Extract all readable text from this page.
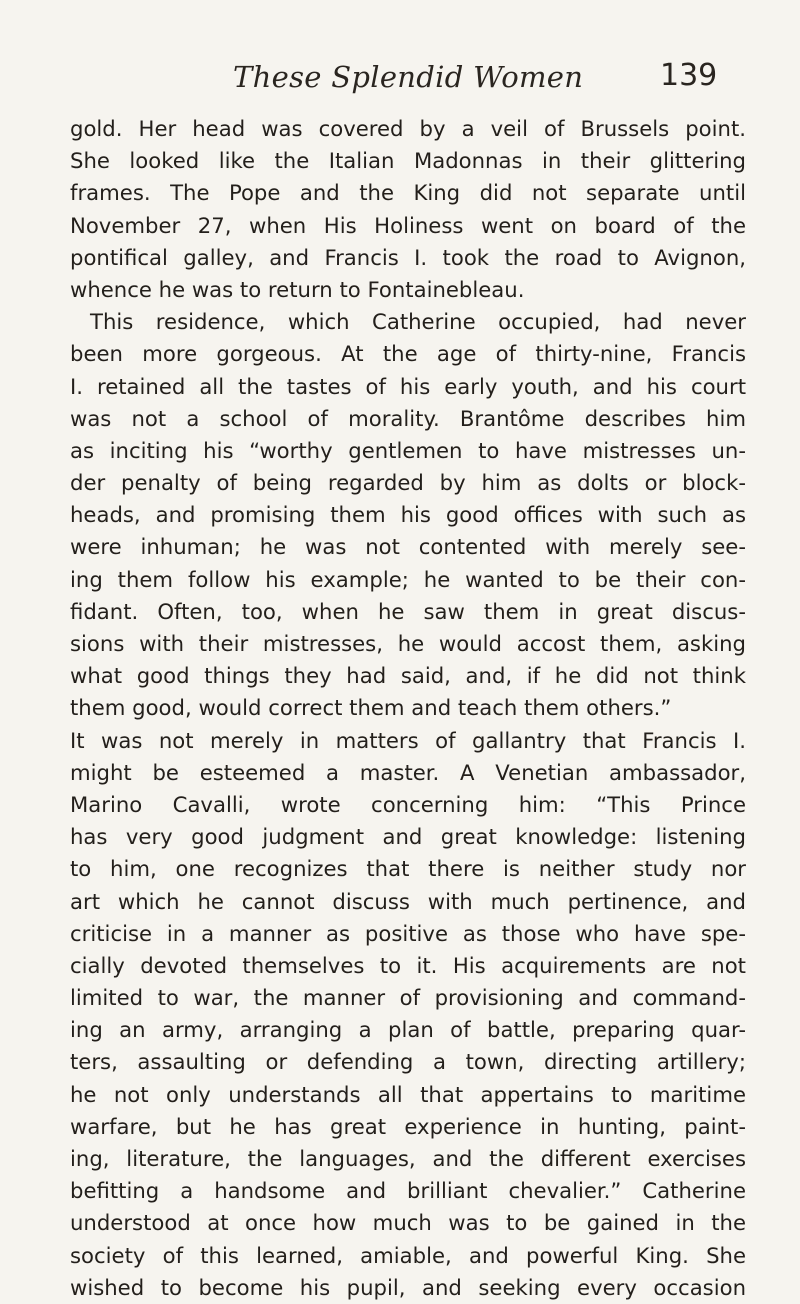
These Splendid Women	139
gold. Her head was covered by a veil of Brussels point.
She looked like the Italian Madonnas in their glittering
frames. The Pope and the King did not separate until
November 27, when His Holiness went on board of the
pontifical galley, and Francis I. took the road to Avignon,
whence he was to return to Fontainebleau.
This residence, which Catherine occupied, had never
been more gorgeous. At the age of thirty-nine, Francis
I. retained all the tastes of his early youth, and his court
was not a school of morality. Brantôme describes him
as inciting his “worthy gentlemen to have mistresses un-
der penalty of being regarded by him as dolts or block-
heads, and promising them his good offices with such as
were inhuman; he was not contented with merely see-
ing them follow his example; he wanted to be their con-
fidant. Often, too, when he saw them in great discus-
sions with their mistresses, he would accost them, asking
what good things they had said, and, if he did not think
them good, would correct them and teach them others.”
It was not merely in matters of gallantry that Francis I.
might be esteemed a master. A Venetian ambassador,
Marino Cavalli, wrote concerning him: “This Prince
has very good judgment and great knowledge: listening
to him, one recognizes that there is neither study nor
art which he cannot discuss with much pertinence, and
criticise in a manner as positive as those who have spe-
cially devoted themselves to it. His acquirements are not
limited to war, the manner of provisioning and command-
ing an army, arranging a plan of battle, preparing quar-
ters, assaulting or defending a town, directing artillery;
he not only understands all that appertains to maritime
warfare, but he has great experience in hunting, paint-
ing, literature, the languages, and the different exercises
befitting a handsome and brilliant chevalier.” Catherine
understood at once how much was to be gained in the
society of this learned, amiable, and powerful King. She
wished to become his pupil, and seeking every occasion
